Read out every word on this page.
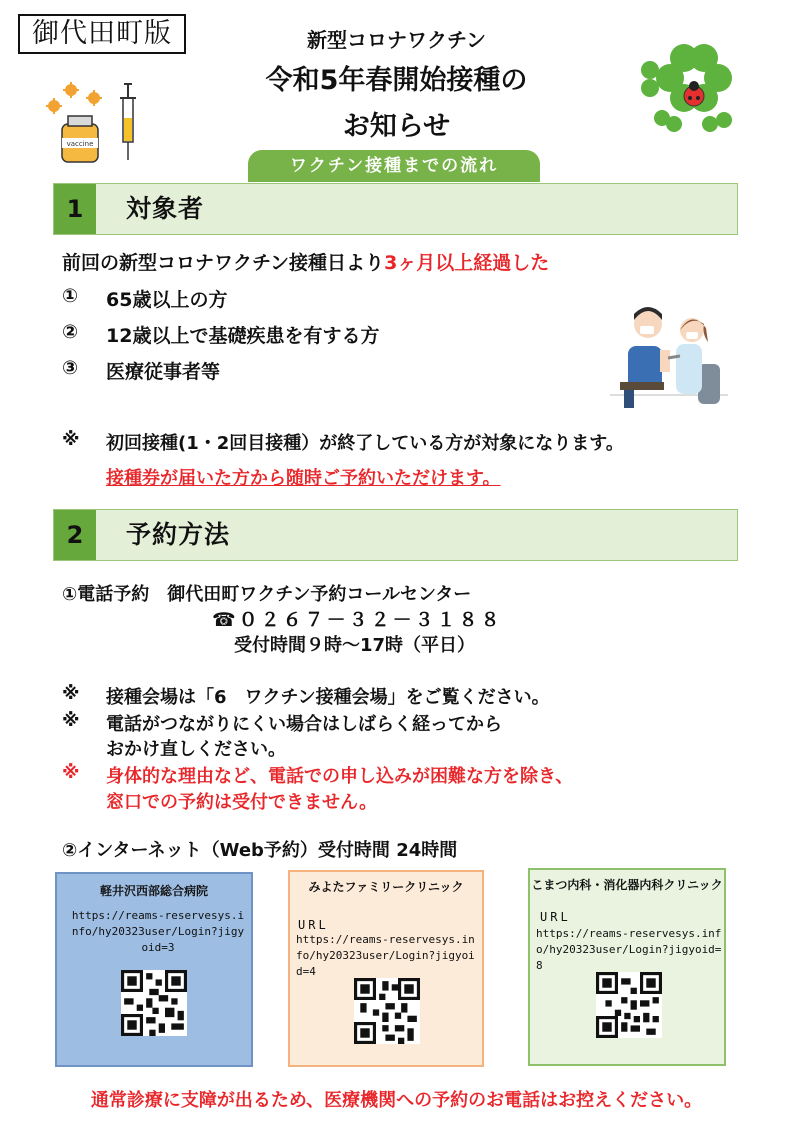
御代田町版
vaccine
新型コロナワクチン
令和5年春開始接種の
お知らせ
ワクチン接種までの流れ
1	対象者
前回の新型コロナワクチン接種日より3ヶ月以上経過した
① 65歳以上の方
② 12歳以上で基礎疾患を有する方
③ 医療従事者等
※ 初回接種(1・2回目接種）が終了している方が対象になります。
接種券が届いた方から随時ご予約いただけます。
2	予約方法
①電話予約　御代田町ワクチン予約コールセンター
☎０２６７－３２－３１８８
受付時間９時～17時（平日）
※ 接種会場は「6　ワクチン接種会場」をご覧ください。
※ 電話がつながりにくい場合はしばらく経ってから
おかけ直しください。
※ 身体的な理由など、電話での申し込みが困難な方を除き、
窓口での予約は受付できません。
②インターネット（Web予約）受付時間 24時間
軽井沢西部総合病院
https://reams-reservesys.info/hy20323user/Login?jigyoid=3
みよたファミリークリニック
URL
https://reams-reservesys.info/hy20323user/Login?jigyoid=4
こまつ内科・消化器内科クリニック
URL
https://reams-reservesys.info/hy20323user/Login?jigyoid=8
通常診療に支障が出るため、医療機関への予約のお電話はお控えください。
